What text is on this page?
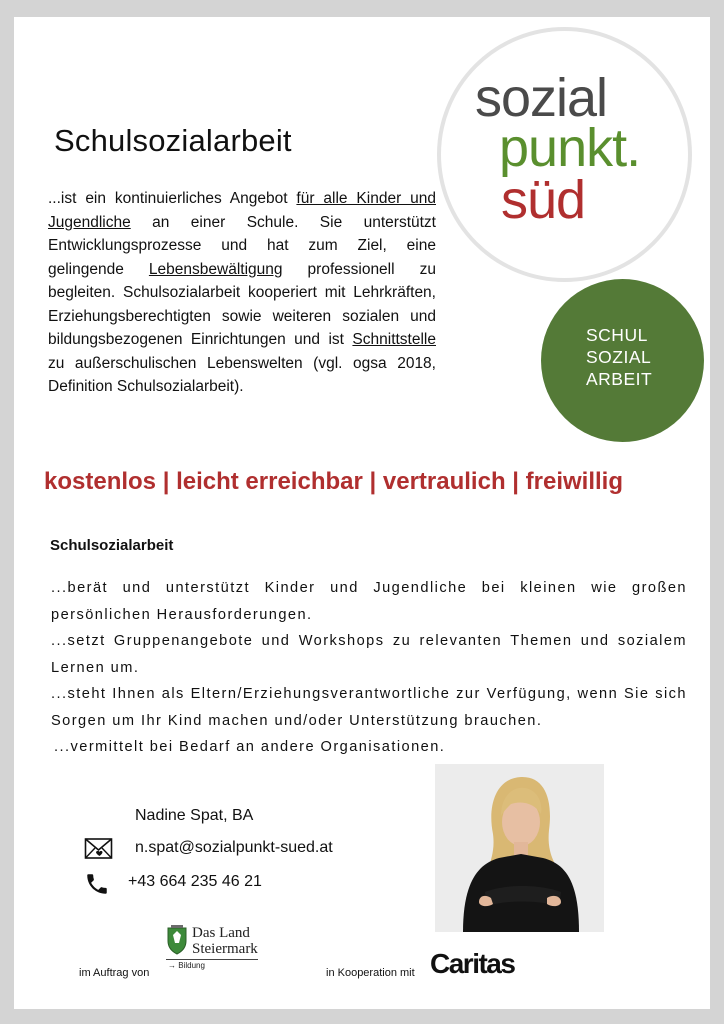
Schulsozialarbeit
...ist ein kontinuierliches Angebot für alle Kinder und Jugendliche an einer Schule. Sie unterstützt Entwicklungsprozesse und hat zum Ziel, eine gelingende Lebensbewältigung professionell zu begleiten. Schulsozialarbeit kooperiert mit Lehrkräften, Erziehungsberechtigten sowie weiteren sozialen und bildungsbezogenen Einrichtungen und ist Schnittstelle zu außerschulischen Lebenswelten (vgl. ogsa 2018, Definition Schulsozialarbeit).
sozial
punkt.
süd
SCHUL
SOZIAL
ARBEIT
kostenlos | leicht erreichbar | vertraulich | freiwillig
Schulsozialarbeit

...berät und unterstützt Kinder und Jugendliche bei kleinen wie großen persönlichen Herausforderungen.

...setzt Gruppenangebote und Workshops zu relevanten Themen und sozialem Lernen um.

...steht Ihnen als Eltern/Erziehungsverantwortliche zur Verfügung, wenn Sie sich Sorgen um Ihr Kind machen und/oder Unterstützung brauchen.

...vermittelt bei Bedarf an andere Organisationen.

Nadine Spat, BA
n.spat@sozialpunkt-sued.at
+43 664 235 46 21
im Auftrag von
Das Land
Steiermark
→ Bildung
in Kooperation mit Caritas
